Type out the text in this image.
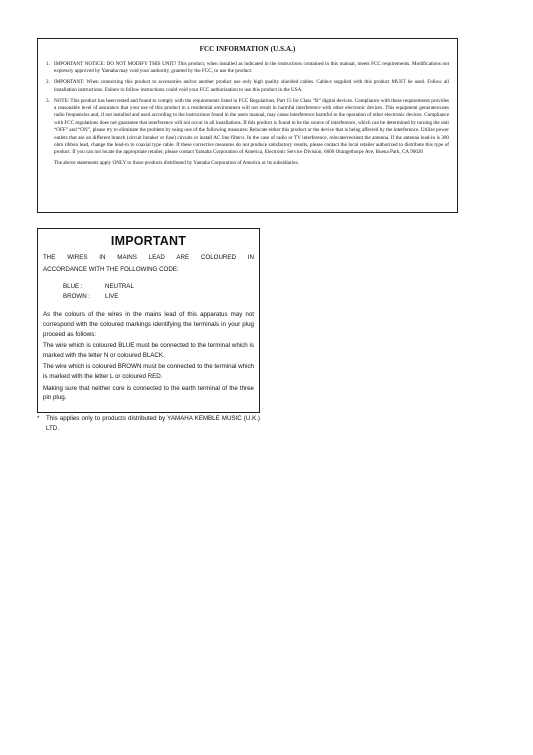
FCC INFORMATION (U.S.A.)
1. IMPORTANT NOTICE: DO NOT MODIFY THIS UNIT! This product, when installed as indicated in the instructions contained in this manual, meets FCC requirements. Modifications not expressly approved by Yamaha may void your authority, granted by the FCC, to use the product.
2. IMPORTANT: When connecting this product to accessories and/or another product use only high quality shielded cables. Cable/s supplied with this product MUST be used. Follow all installation instructions. Failure to follow instructions could void your FCC authorization to use this product in the USA.
3. NOTE: This product has been tested and found to comply with the requirements listed in FCC Regulations, Part 15 for Class “B” digital devices. Compliance with these requirements provides a reasonable level of assurance that your use of this product in a residential environment will not result in harmful interference with other electronic devices. This equipment generates/uses radio frequencies and, if not installed and used according to the instructions found in the users manual, may cause interference harmful to the operation of other electronic devices. Compliance with FCC regulations does not guarantee that interference will not occur in all installations. If this product is found to be the source of interference, which can be determined by turning the unit “OFF” and “ON”, please try to eliminate the problem by using one of the following measures: Relocate either this product or the device that is being affected by the interference. Utilize power outlets that are on different branch (circuit breaker or fuse) circuits or install AC line filter/s. In the case of radio or TV interference, relocate/reorient the antenna. If the antenna lead-in is 300 ohm ribbon lead, change the lead-in to coaxial type cable. If these corrective measures do not produce satisfactory results, please contact the local retailer authorized to distribute this type of product. If you can not locate the appropriate retailer, please contact Yamaha Corporation of America, Electronic Service Division, 6600 Orangethorpe Ave, Buena Park, CA 90620
The above statements apply ONLY to those products distributed by Yamaha Corporation of America or its subsidiaries.
IMPORTANT
THE WIRES IN MAINS LEAD ARE COLOURED IN
ACCORDANCE WITH THE FOLLOWING CODE:
BLUE :	NEUTRAL
BROWN :	LIVE
As the colours of the wires in the mains lead of this apparatus may not correspond with the coloured markings identifying the terminals in your plug proceed as follows:
The wire which is coloured BLUE must be connected to the terminal which is marked with the letter N or coloured BLACK.
The wire which is coloured BROWN must be connected to the terminal which is marked with the letter L or coloured RED.
Making sure that neither core is connected to the earth terminal of the three pin plug.
*	This applies only to products distributed by YAMAHA KEMBLE MUSIC (U.K.) LTD.
